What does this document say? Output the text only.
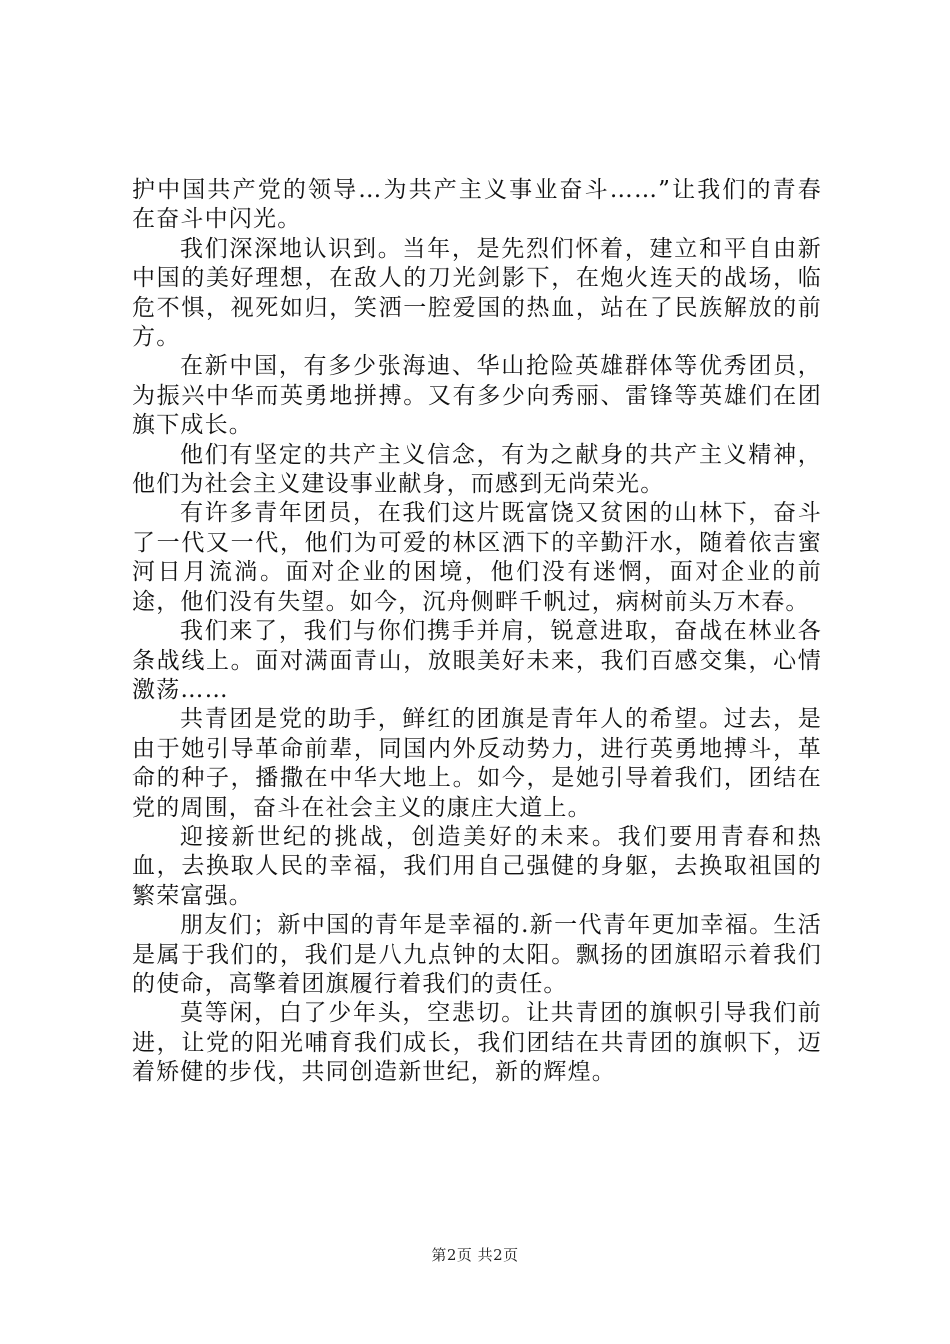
护中国共产党的领导…为共产主义事业奋斗……”让我们的青春在奋斗中闪光。

我们深深地认识到。当年，是先烈们怀着，建立和平自由新中国的美好理想，在敌人的刀光剑影下，在炮火连天的战场，临危不惧，视死如归，笑洒一腔爱国的热血，站在了民族解放的前方。

在新中国，有多少张海迪、华山抢险英雄群体等优秀团员，为振兴中华而英勇地拼搏。又有多少向秀丽、雷锋等英雄们在团旗下成长。

他们有坚定的共产主义信念，有为之献身的共产主义精神，他们为社会主义建设事业献身，而感到无尚荣光。

有许多青年团员，在我们这片既富饶又贫困的山林下，奋斗了一代又一代，他们为可爱的林区洒下的辛勤汗水，随着依吉蜜河日月流淌。面对企业的困境，他们没有迷惘，面对企业的前途，他们没有失望。如今，沉舟侧畔千帆过，病树前头万木春。

我们来了，我们与你们携手并肩，锐意进取，奋战在林业各条战线上。面对满面青山，放眼美好未来，我们百感交集，心情激荡……

共青团是党的助手，鲜红的团旗是青年人的希望。过去，是由于她引导革命前辈，同国内外反动势力，进行英勇地搏斗，革命的种子，播撒在中华大地上。如今，是她引导着我们，团结在党的周围，奋斗在社会主义的康庄大道上。

迎接新世纪的挑战，创造美好的未来。我们要用青春和热血，去换取人民的幸福，我们用自己强健的身躯，去换取祖国的繁荣富强。

朋友们；新中国的青年是幸福的.新一代青年更加幸福。生活是属于我们的，我们是八九点钟的太阳。飘扬的团旗昭示着我们的使命，高擎着团旗履行着我们的责任。

莫等闲，白了少年头，空悲切。让共青团的旗帜引导我们前进，让党的阳光哺育我们成长，我们团结在共青团的旗帜下，迈着矫健的步伐，共同创造新世纪，新的辉煌。

第2页 共2页
